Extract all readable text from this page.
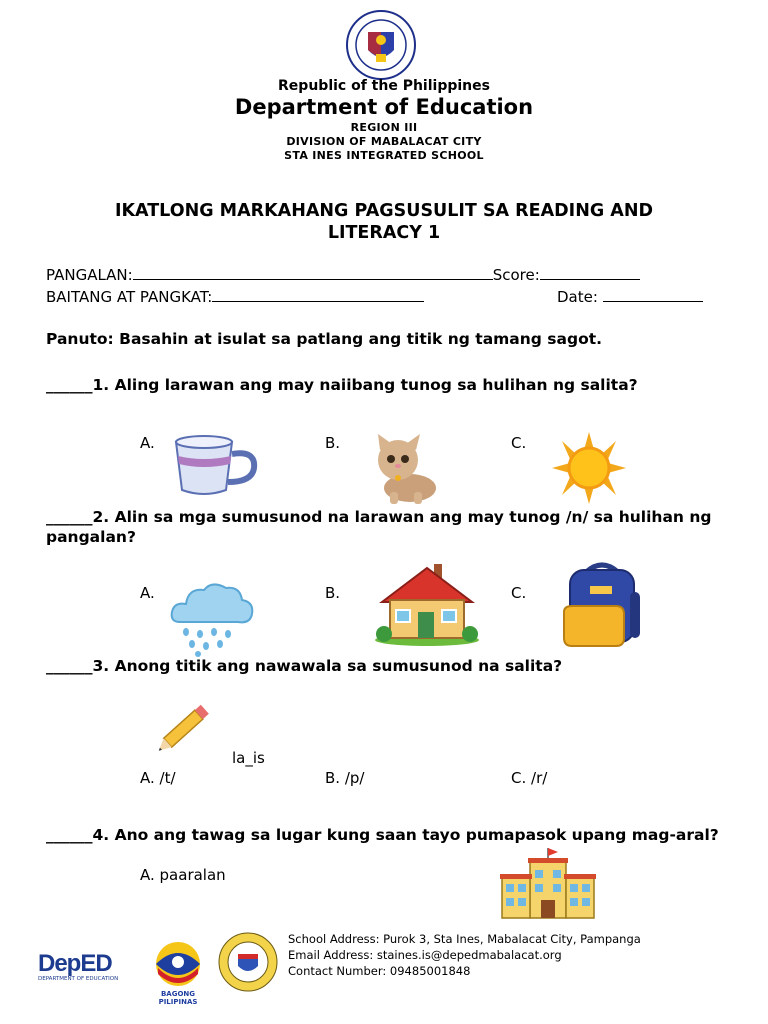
Republic of the Philippines
Department of Education
REGION III
DIVISION OF MABALACAT CITY
STA INES INTEGRATED SCHOOL
IKATLONG MARKAHANG PAGSUSULIT SA READING AND
LITERACY 1
PANGALAN:	Score:
BAITANG AT PANGKAT:	Date:
Panuto: Basahin at isulat sa patlang ang titik ng tamang sagot.
______1. Aling larawan ang may naiibang tunog sa hulihan ng salita?
A.	B.	C.
______2. Alin sa mga sumusunod na larawan ang may tunog /n/ sa hulihan ng pangalan?
A.	B.	C.
______3. Anong titik ang nawawala sa sumusunod na salita?
la_is
A. /t/	B. /p/	C. /r/
______4. Ano ang tawag sa lugar kung saan tayo pumapasok upang mag-aral?
A. paaralan
DepED
DEPARTMENT OF EDUCATION
BAGONG PILIPINAS
School Address: Purok 3, Sta Ines, Mabalacat City, Pampanga
Email Address: staines.is@depedmabalacat.org
Contact Number: 09485001848
